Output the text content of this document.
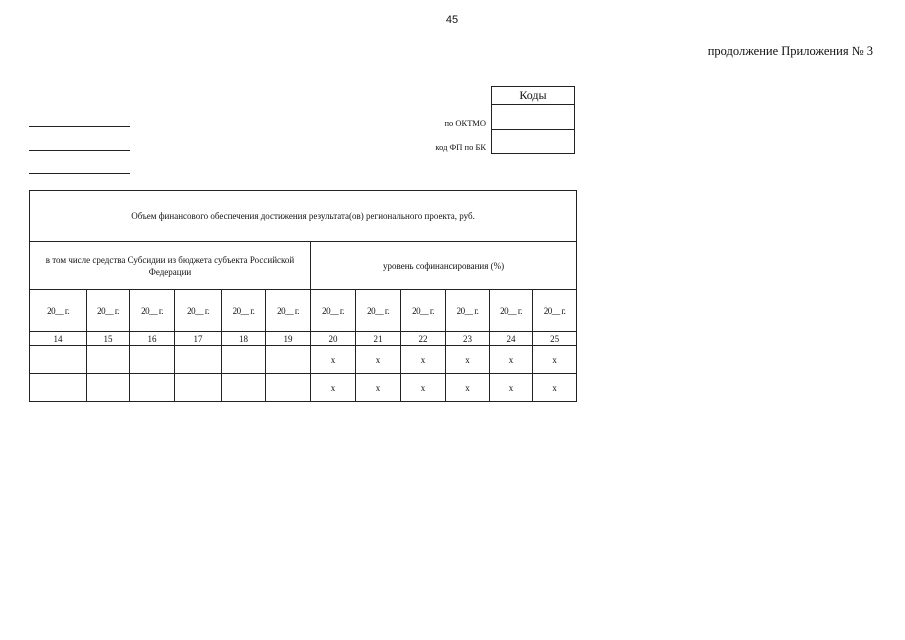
45
продолжение Приложения № 3
по ОКТМО
код ФП по БК
Коды
Объем финансового обеспечения достижения результата(ов) регионального проекта, руб.											
в том числе средства Субсидии из бюджета субъекта Российской Федерации						уровень софинансирования (%)					
20__ г.	20__ г.	20__ г.	20__ г.	20__ г.	20__ г.	20__ г.	20__ г.	20__ г.	20__ г.	20__ г.	20__ г.
14	15	16	17	18	19	20	21	22	23	24	25
						x	x	x	x	x	x
						x	x	x	x	x	x
